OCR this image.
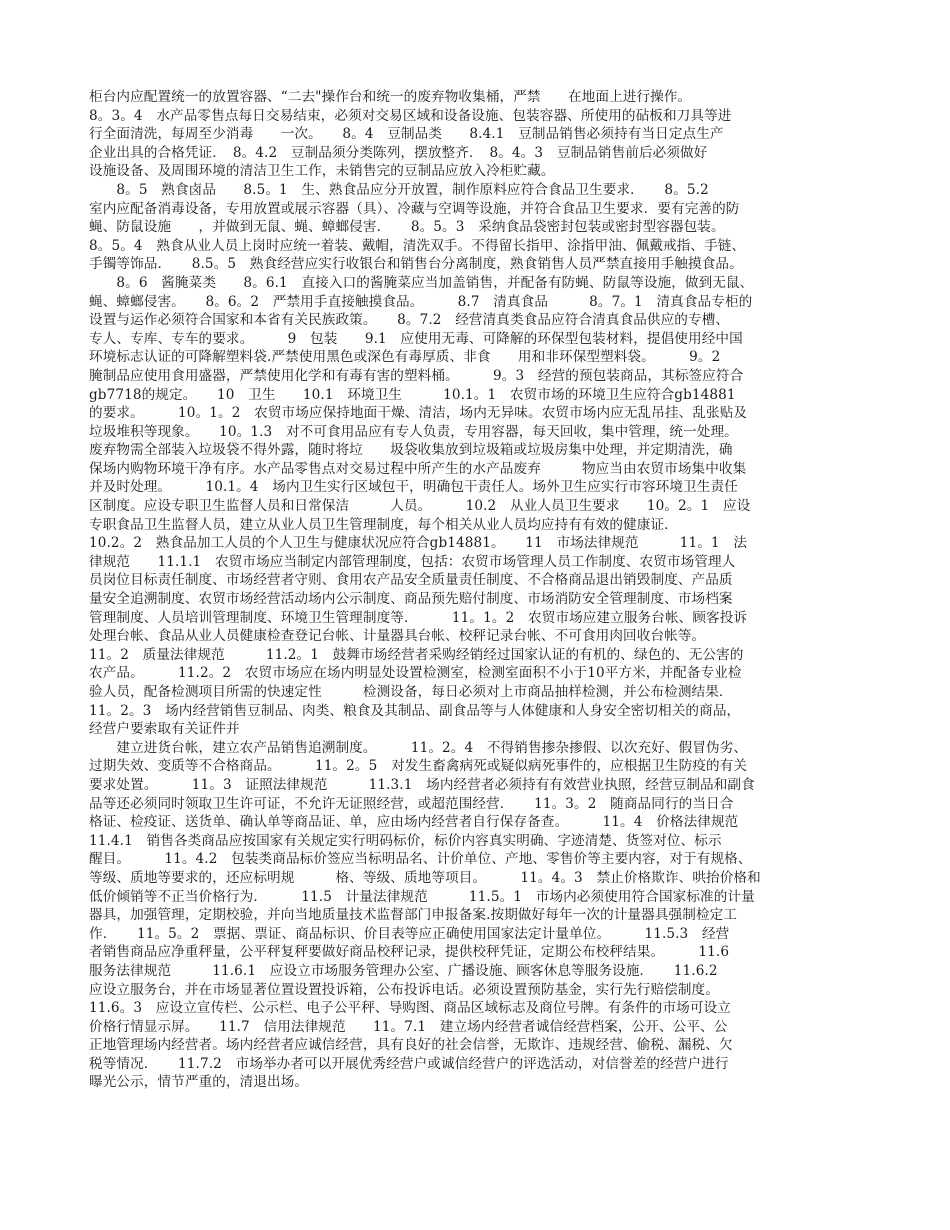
柜台内应配置统一的放置容器、“二去"操作台和统一的废弃物收集桶，严禁　　在地面上进行操作。
8。3。4　水产品零售点每日交易结束，必须对交易区域和设备设施、包装容器、所使用的砧板和刀具等进
行全面清洗，每周至少消毒　　一次。　　8。4　豆制品类　　8.4.1　豆制品销售必须持有当日定点生产
企业出具的合格凭证．　8。4.2　豆制品须分类陈列，摆放整齐．　8。4。3　豆制品销售前后必须做好
设施设备、及周围环境的清洁卫生工作，未销售完的豆制品应放入冷柜贮藏。
　　8。5　熟食卤品　　8.5。1　生、熟食品应分开放置，制作原料应符合食品卫生要求．　　8。5.2
室内应配备消毒设备，专用放置或展示容器（具）、冷藏与空调等设施，并符合食品卫生要求．要有完善的防
蝇、防鼠设施　　，并做到无鼠、蝇、蟑螂侵害．　　8。5。3　采纳食品袋密封包装或密封型容器包装。
8。5。4　熟食从业人员上岗时应统一着装、戴帽，清洗双手。不得留长指甲、涂指甲油、佩戴戒指、手链、
手镯等饰品．　　8.5。5　熟食经营应实行收银台和销售台分离制度，熟食销售人员严禁直接用手触摸食品。
　　8。6　酱腌菜类　　8。6.1　直接入口的酱腌菜应当加盖销售，并配备有防蝇、防鼠等设施，做到无鼠、
蝇、蟑螂侵害。　　8。6。2　严禁用手直接触摸食品。　　　8.7　清真食品　　　8。7。1　清真食品专柜的
设置与运作必须符合国家和本省有关民族政策。　　8。7.2　经营清真类食品应符合清真食品供应的专槽、
专人、专库、专车的要求。　　　9　包装　　9.1　应使用无毒、可降解的环保型包装材料，提倡使用经中国
环境标志认证的可降解塑料袋.严禁使用黑色或深色有毒厚质、非食　　用和非环保型塑料袋。　　　9。2
腌制品应使用食用盛器，严禁使用化学和有毒有害的塑料桶。　　　9。3　经营的预包装商品，其标签应符合
gb7718的规定。　　10　卫生　　10.1　环境卫生　　　10.1。1　农贸市场的环境卫生应符合gb14881
的要求。　　　10。1。2　农贸市场应保持地面干燥、清洁，场内无异味。农贸市场内应无乱吊挂、乱张贴及
垃圾堆积等现象。　　10。1.3　对不可食用品应有专人负责，专用容器，每天回收，集中管理，统一处理。
废弃物需全部装入垃圾袋不得外露，随时将垃　　圾袋收集放到垃圾箱或垃圾房集中处理，并定期清洗，确
保场内购物环境干净有序。水产品零售点对交易过程中所产生的水产品废弃　　　物应当由农贸市场集中收集
并及时处理。　　　10.1。4　场内卫生实行区域包干，明确包干责任人。场外卫生应实行市容环境卫生责任
区制度。应设专职卫生监督人员和日常保洁　　　人员。　　　10.2　从业人员卫生要求　　10。2。1　应设
专职食品卫生监督人员，建立从业人员卫生管理制度，每个相关从业人员均应持有有效的健康证．
10.2。2　熟食品加工人员的个人卫生与健康状况应符合gb14881。　　11　市场法律规范　　　11。1　法
律规范　　11.1.1　农贸市场应当制定内部管理制度，包括：农贸市场管理人员工作制度、农贸市场管理人
员岗位目标责任制度、市场经营者守则、食用农产品安全质量责任制度、不合格商品退出销毁制度、产品质
量安全追溯制度、农贸市场经营活动场内公示制度、商品预先赔付制度、市场消防安全管理制度、市场档案
管理制度、人员培训管理制度、环境卫生管理制度等．　　　11。1。2　农贸市场应建立服务台帐、顾客投诉
处理台帐、食品从业人员健康检查登记台帐、计量器具台帐、校秤记录台帐、不可食用肉回收台帐等。
11。2　质量法律规范　　　11.2。1　鼓舞市场经营者采购经销经过国家认证的有机的、绿色的、无公害的
农产品。　　　11.2。2　农贸市场应在场内明显处设置检测室，检测室面积不小于10平方米，并配备专业检
验人员，配备检测项目所需的快速定性　　　检测设备，每日必须对上市商品抽样检测，并公布检测结果．
11。2。3　场内经营销售豆制品、肉类、粮食及其制品、副食品等与人体健康和人身安全密切相关的商品，
经营户要索取有关证件并
　　建立进货台帐，建立农产品销售追溯制度。　　　11。2。4　不得销售掺杂掺假、以次充好、假冒伪劣、
过期失效、变质等不合格商品。　　　11。2。5　对发生畜禽病死或疑似病死事件的，应根据卫生防疫的有关
要求处置。　　　11。3　证照法律规范　　　11.3.1　场内经营者必须持有有效营业执照，经营豆制品和副食
品等还必须同时领取卫生许可证，不允许无证照经营，或超范围经营．　　11。3。2　随商品同行的当日合
格证、检疫证、送货单、确认单等商品证、单，应由场内经营者自行保存备查。　　　11。4　价格法律规范
11.4.1　销售各类商品应按国家有关规定实行明码标价，标价内容真实明确、字迹清楚、货签对位、标示
醒目。　　　11。4.2　包装类商品标价签应当标明品名、计价单位、产地、零售价等主要内容，对于有规格、
等级、质地等要求的，还应标明规　　　格、等级、质地等项目。　　　11。4。3　禁止价格欺诈、哄抬价格和
低价倾销等不正当价格行为．　　　11.5　计量法律规范　　　11.5。1　市场内必须使用符合国家标准的计量
器具，加强管理，定期校验，并向当地质量技术监督部门申报备案.按期做好每年一次的计量器具强制检定工
作．　　11。5。2　票据、票证、商品标识、价目表等应正确使用国家法定计量单位。　　　11.5.3　经营
者销售商品应净重秤量，公平秤复秤要做好商品校秤记录，提供校秤凭证，定期公布校秤结果。　　　11.6
服务法律规范　　　11.6.1　应设立市场服务管理办公室、广播设施、顾客休息等服务设施．　　11.6.2
应设立服务台，并在市场显著位置设置投诉箱，公布投诉电话。必须设置预防基金，实行先行赔偿制度。
11.6。3　应设立宣传栏、公示栏、电子公平秤、导购图、商品区域标志及商位号牌。有条件的市场可设立
价格行情显示屏。　　11.7　信用法律规范　　11。7.1　建立场内经营者诚信经营档案，公开、公平、公
正地管理场内经营者。场内经营者应诚信经营，具有良好的社会信誉，无欺诈、违规经营、偷税、漏税、欠
税等情况．　　11.7.2　市场举办者可以开展优秀经营户或诚信经营户的评选活动，对信誉差的经营户进行
曝光公示，情节严重的，清退出场。
